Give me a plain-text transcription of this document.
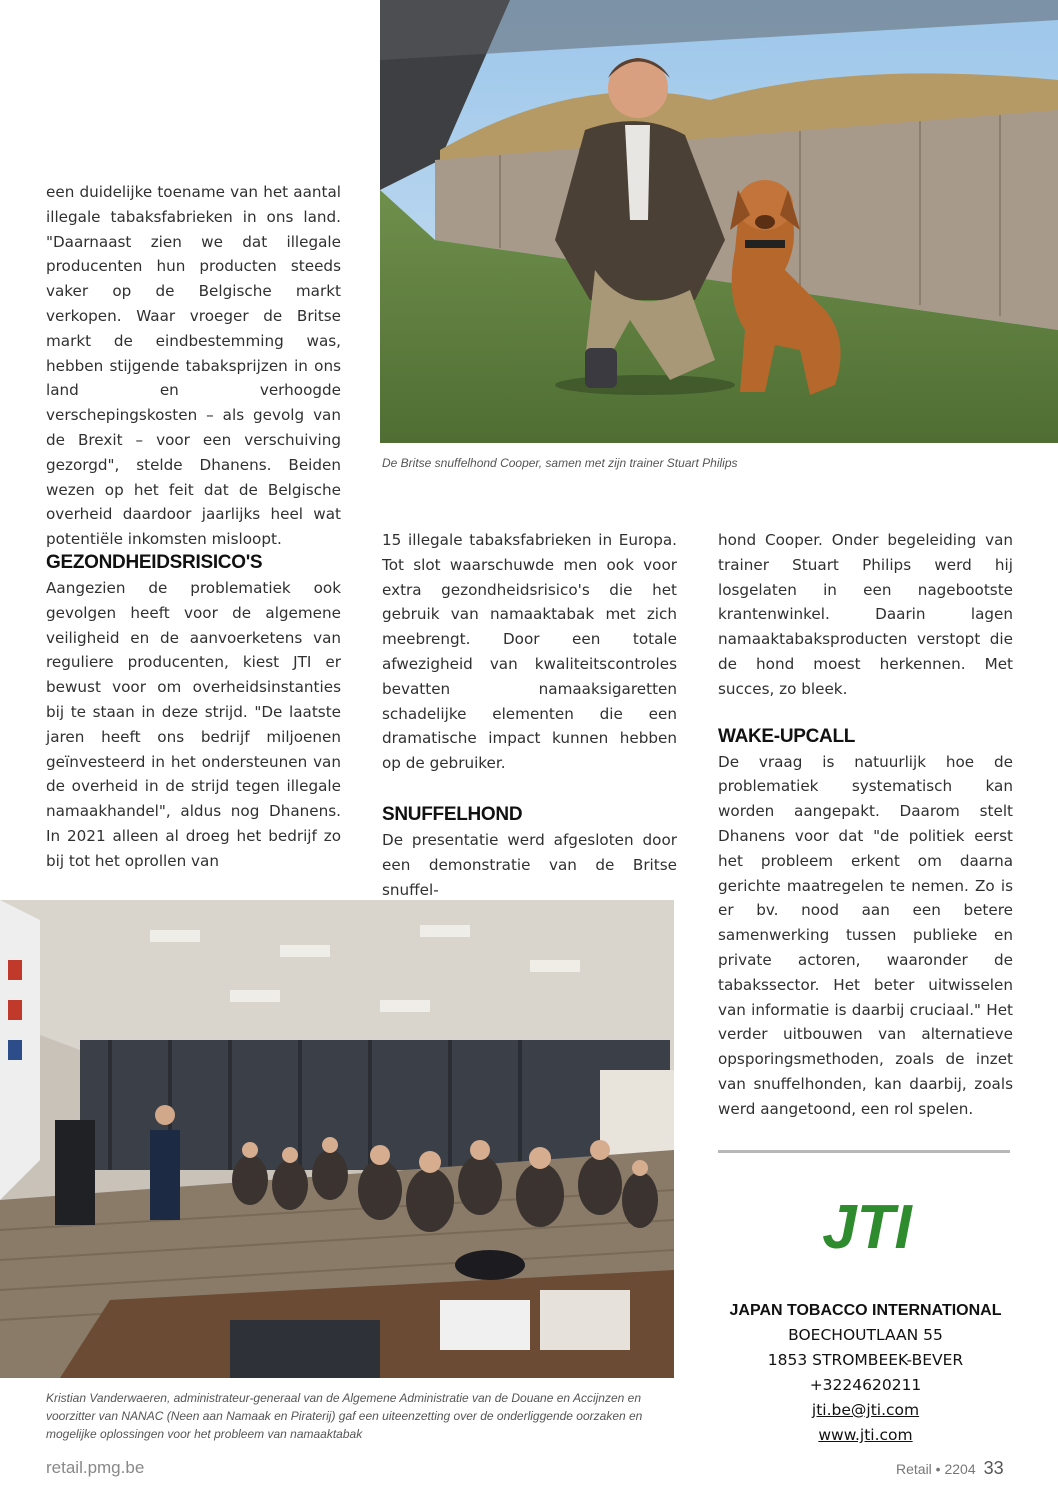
De Britse snuffelhond Cooper, samen met zijn trainer Stuart Philips

een duidelijke toename van het aantal illegale tabaksfabrieken in ons land. "Daarnaast zien we dat illegale producenten hun producten steeds vaker op de Belgische markt verkopen. Waar vroeger de Britse markt de eindbestemming was, hebben stijgende tabaksprijzen in ons land en verhoogde verschepingskosten – als gevolg van de Brexit – voor een verschuiving gezorgd", stelde Dhanens. Beiden wezen op het feit dat de Belgische overheid daardoor jaarlijks heel wat potentiële inkomsten misloopt.

GEZONDHEIDSRISICO'S

Aangezien de problematiek ook gevolgen heeft voor de algemene veiligheid en de aanvoerketens van reguliere producenten, kiest JTI er bewust voor om overheidsinstanties bij te staan in deze strijd. "De laatste jaren heeft ons bedrijf miljoenen geïnvesteerd in het ondersteunen van de overheid in de strijd tegen illegale namaakhandel", aldus nog Dhanens. In 2021 alleen al droeg het bedrijf zo bij tot het oprollen van

15 illegale tabaksfabrieken in Europa. Tot slot waarschuwde men ook voor extra gezondheidsrisico's die het gebruik van namaaktabak met zich meebrengt. Door een totale afwezigheid van kwaliteitscontroles bevatten namaaksigaretten schadelijke elementen die een dramatische impact kunnen hebben op de gebruiker.

SNUFFELHOND

De presentatie werd afgesloten door een demonstratie van de Britse snuffel-

hond Cooper. Onder begeleiding van trainer Stuart Philips werd hij losgelaten in een nagebootste krantenwinkel. Daarin lagen namaaktabaksproducten verstopt die de hond moest herkennen. Met succes, zo bleek.

WAKE-UPCALL

De vraag is natuurlijk hoe de problematiek systematisch kan worden aangepakt. Daarom stelt Dhanens voor dat "de politiek eerst het probleem erkent om daarna gerichte maatregelen te nemen. Zo is er bv. nood aan een betere samenwerking tussen publieke en private actoren, waaronder de tabakssector. Het beter uitwisselen van informatie is daarbij cruciaal." Het verder uitbouwen van alternatieve opsporingsmethoden, zoals de inzet van snuffelhonden, kan daarbij, zoals werd aangetoond, een rol spelen.

Kristian Vanderwaeren, administrateur-generaal van de Algemene Administratie van de Douane en Accijnzen en voorzitter van NANAC (Neen aan Namaak en Piraterij) gaf een uiteenzetting over de onderliggende oorzaken en mogelijke oplossingen voor het probleem van namaaktabak
JTI
JAPAN TOBACCO INTERNATIONAL
BOECHOUTLAAN 55
1853 STROMBEEK-BEVER
+3224620211
jti.be@jti.com
www.jti.com
retail.pmg.be	Retail • 2204 33
